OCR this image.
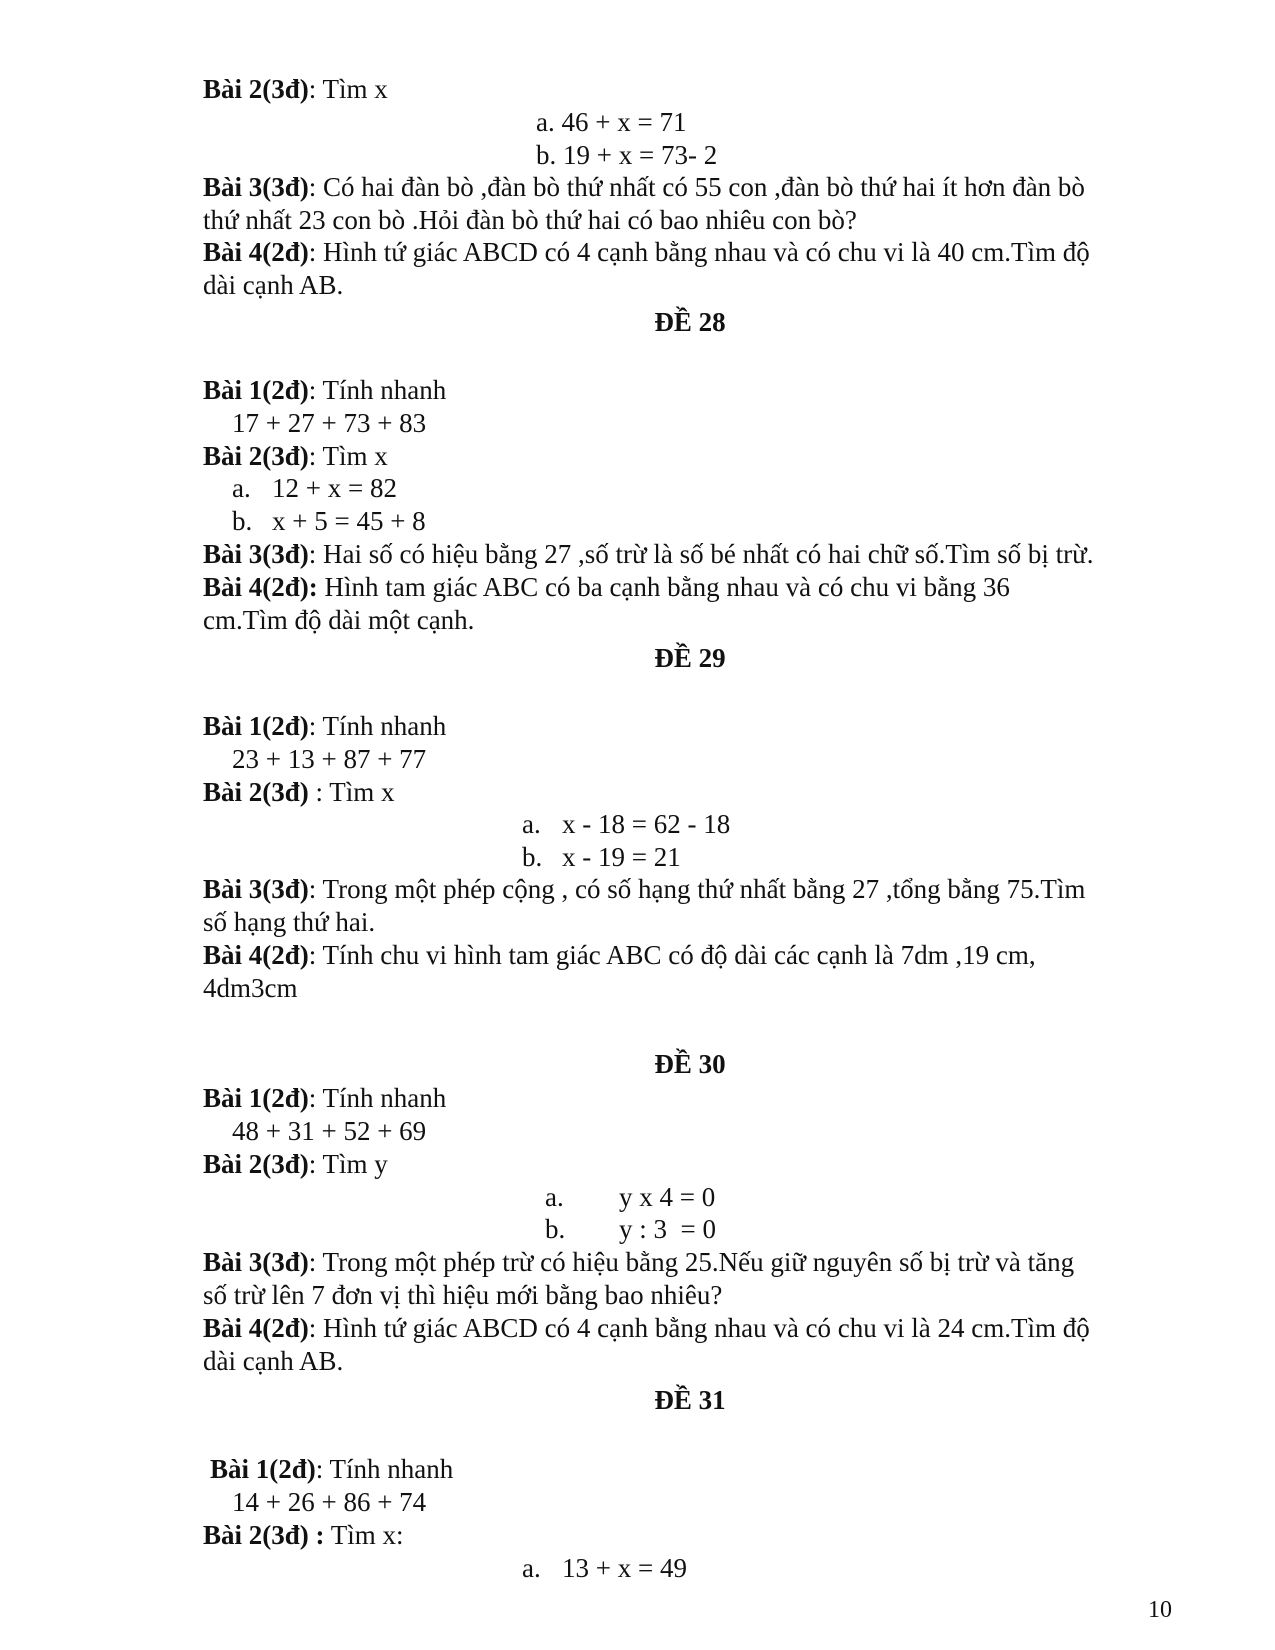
Bài 2(3đ): Tìm x
a. 46 + x = 71
b. 19 + x = 73- 2
Bài 3(3đ): Có hai đàn bò ,đàn bò thứ nhất có 55 con ,đàn bò thứ hai ít hơn đàn bò
thứ nhất 23 con bò .Hỏi đàn bò thứ hai có bao nhiêu con bò?
Bài 4(2đ): Hình tứ giác ABCD có 4 cạnh bằng nhau và có chu vi là 40 cm.Tìm độ
dài cạnh AB.
ĐỀ 28
Bài 1(2đ): Tính nhanh
17 + 27 + 73 + 83
Bài 2(3đ): Tìm x
a. 12 + x = 82
b. x + 5 = 45 + 8
Bài 3(3đ): Hai số có hiệu bằng 27 ,số trừ là số bé nhất có hai chữ số.Tìm số bị trừ.
Bài 4(2đ): Hình tam giác ABC có ba cạnh bằng nhau và có chu vi bằng 36
cm.Tìm độ dài một cạnh.
ĐỀ 29
Bài 1(2đ): Tính nhanh
23 + 13 + 87 + 77
Bài 2(3đ) : Tìm x
a. x - 18 = 62 - 18
b. x - 19 = 21
Bài 3(3đ): Trong một phép cộng , có số hạng thứ nhất bằng 27 ,tổng bằng 75.Tìm
số hạng thứ hai.
Bài 4(2đ): Tính chu vi hình tam giác ABC có độ dài các cạnh là 7dm ,19 cm,
4dm3cm
ĐỀ 30
Bài 1(2đ): Tính nhanh
48 + 31 + 52 + 69
Bài 2(3đ): Tìm y
a. y x 4 = 0
b. y : 3  = 0
Bài 3(3đ): Trong một phép trừ có hiệu bằng 25.Nếu giữ nguyên số bị trừ và tăng
số trừ lên 7 đơn vị thì hiệu mới bằng bao nhiêu?
Bài 4(2đ): Hình tứ giác ABCD có 4 cạnh bằng nhau và có chu vi là 24 cm.Tìm độ
dài cạnh AB.
ĐỀ 31
Bài 1(2đ): Tính nhanh
14 + 26 + 86 + 74
Bài 2(3đ) : Tìm x:
a. 13 + x = 49
10
